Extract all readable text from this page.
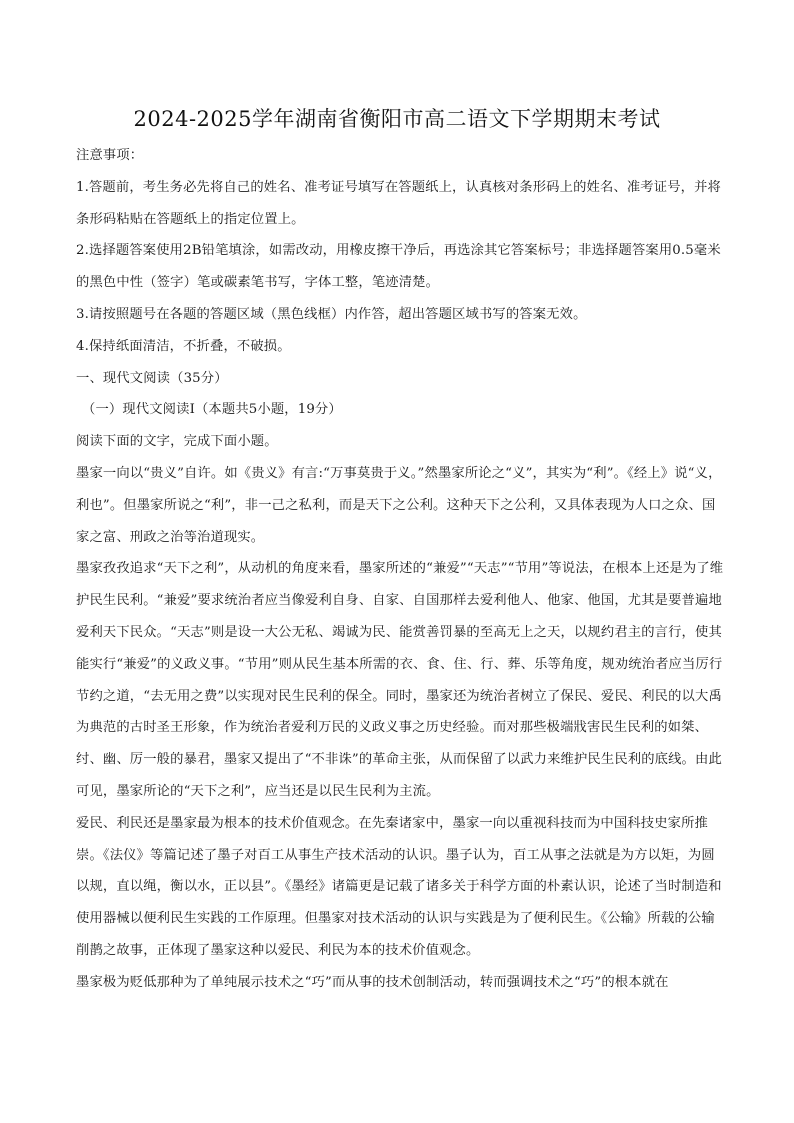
2024-2025学年湖南省衡阳市高二语文下学期期末考试

注意事项：

1.答题前，考生务必先将自己的姓名、准考证号填写在答题纸上，认真核对条形码上的姓名、准考证号，并将条形码粘贴在答题纸上的指定位置上。

2.选择题答案使用2B铅笔填涂，如需改动，用橡皮擦干净后，再选涂其它答案标号；非选择题答案用0.5毫米的黑色中性（签字）笔或碳素笔书写，字体工整，笔迹清楚。

3.请按照题号在各题的答题区域（黑色线框）内作答，超出答题区域书写的答案无效。

4.保持纸面清洁，不折叠，不破损。

一、现代文阅读（35分）

（一）现代文阅读Ⅰ（本题共5小题，19分）

阅读下面的文字，完成下面小题。

墨家一向以“贵义”自许。如《贵义》有言:“万事莫贵于义。”然墨家所论之“义”，其实为“利”。《经上》说“义，利也”。但墨家所说之“利”，非一己之私利，而是天下之公利。这种天下之公利，又具体表现为人口之众、国家之富、刑政之治等治道现实。

墨家孜孜追求“天下之利”，从动机的角度来看，墨家所述的“兼爱”“天志”“节用”等说法，在根本上还是为了维护民生民利。“兼爱”要求统治者应当像爱利自身、自家、自国那样去爱利他人、他家、他国，尤其是要普遍地爱利天下民众。“天志”则是设一大公无私、竭诚为民、能赏善罚暴的至高无上之天，以规约君主的言行，使其能实行“兼爱”的义政义事。“节用”则从民生基本所需的衣、食、住、行、葬、乐等角度，规劝统治者应当厉行节约之道，“去无用之费”以实现对民生民利的保全。同时，墨家还为统治者树立了保民、爱民、利民的以大禹为典范的古时圣王形象，作为统治者爱利万民的义政义事之历史经验。而对那些极端戕害民生民利的如桀、纣、幽、厉一般的暴君，墨家又提出了“不非诛”的革命主张，从而保留了以武力来维护民生民利的底线。由此可见，墨家所论的“天下之利”，应当还是以民生民利为主流。

爱民、利民还是墨家最为根本的技术价值观念。在先秦诸家中，墨家一向以重视科技而为中国科技史家所推崇。《法仪》等篇记述了墨子对百工从事生产技术活动的认识。墨子认为，百工从事之法就是为方以矩，为圆以规，直以绳，衡以水，正以县”。《墨经》诸篇更是记载了诸多关于科学方面的朴素认识，论述了当时制造和使用器械以便利民生实践的工作原理。但墨家对技术活动的认识与实践是为了便利民生。《公输》所载的公输削鹊之故事，正体现了墨家这种以爱民、利民为本的技术价值观念。

墨家极为贬低那种为了单纯展示技术之“巧”而从事的技术创制活动，转而强调技术之“巧”的根本就在
